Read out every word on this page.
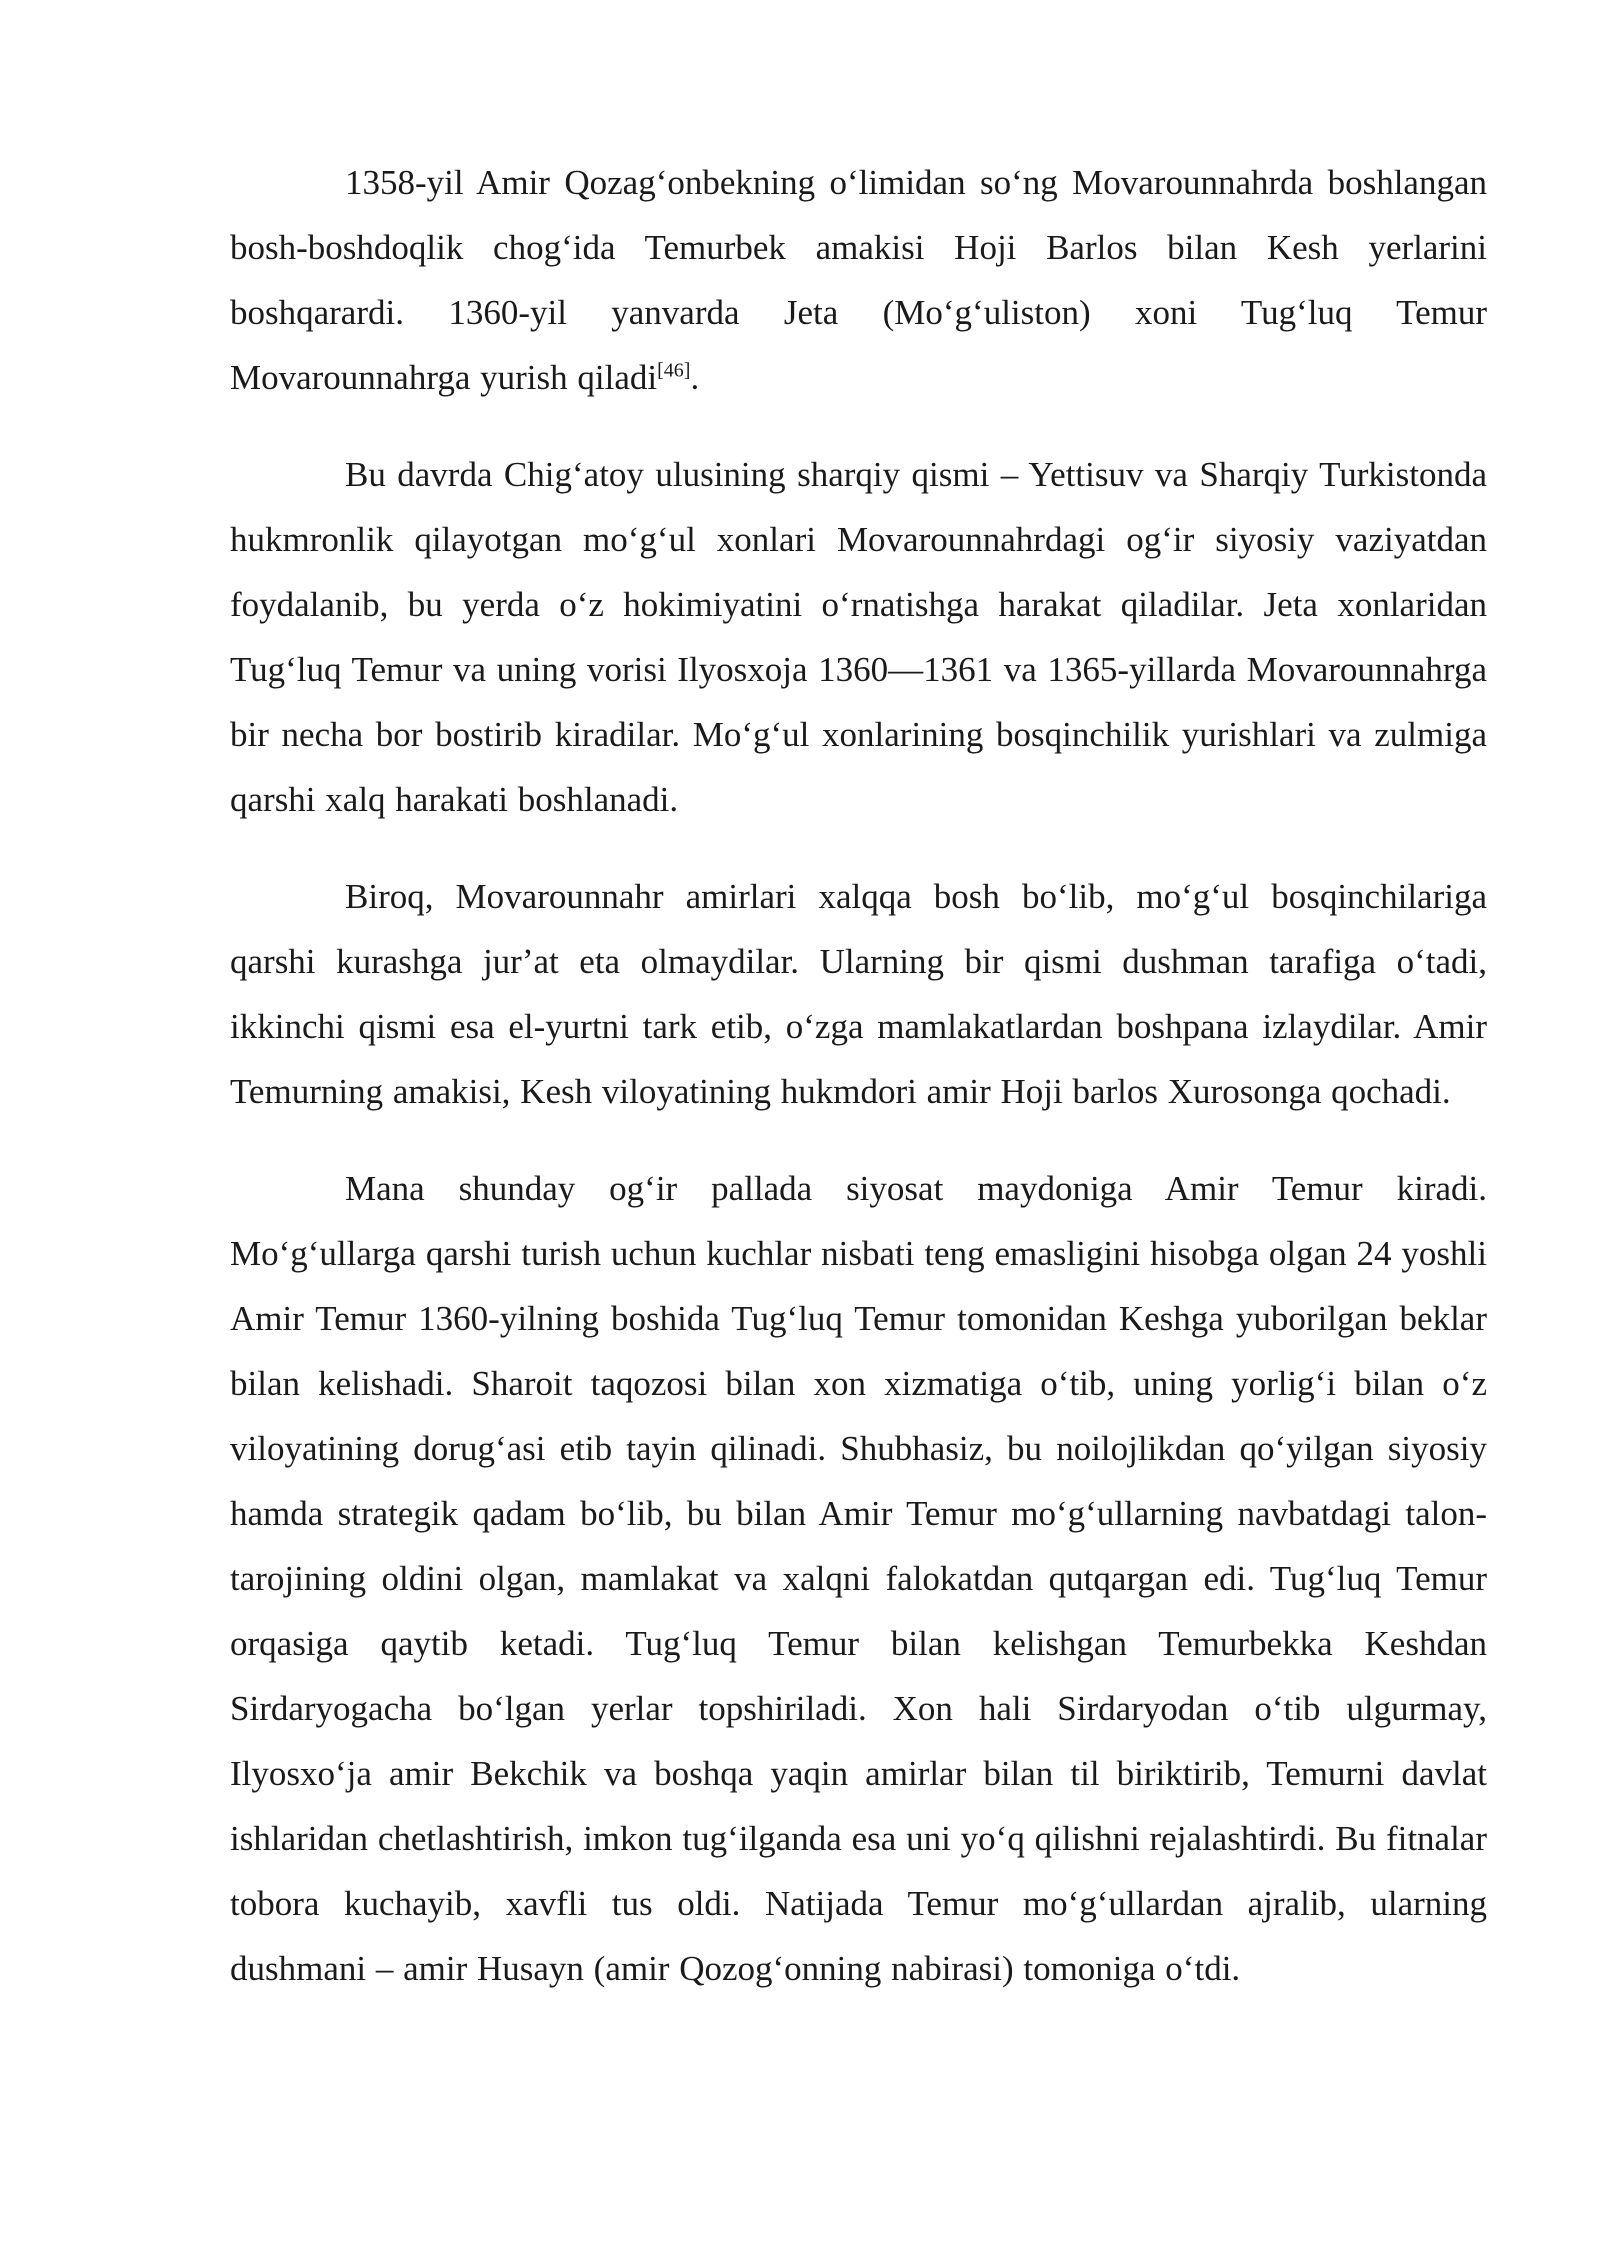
1358-yil Amir Qozagʻonbekning oʻlimidan soʻng Movarounnahrda boshlangan bosh-boshdoqlik chogʻida Temurbek amakisi Hoji Barlos bilan Kesh yerlarini boshqarardi. 1360-yil yanvarda Jeta (Moʻgʻuliston) xoni Tugʻluq Temur Movarounnahrga yurish qiladi[46].

Bu davrda Chigʻatoy ulusining sharqiy qismi – Yettisuv va Sharqiy Turkistonda hukmronlik qilayotgan moʻgʻul xonlari Movarounnahrdagi ogʻir siyosiy vaziyatdan foydalanib, bu yerda oʻz hokimiyatini oʻrnatishga harakat qiladilar. Jeta xonlaridan Tugʻluq Temur va uning vorisi Ilyosxoja 1360—1361 va 1365-yillarda Movarounnahrga bir necha bor bostirib kiradilar. Moʻgʻul xonlarining bosqinchilik yurishlari va zulmiga qarshi xalq harakati boshlanadi.

Biroq, Movarounnahr amirlari xalqqa bosh boʻlib, moʻgʻul bosqinchilariga qarshi kurashga jurʼat eta olmaydilar. Ularning bir qismi dushman tarafiga oʻtadi, ikkinchi qismi esa el-yurtni tark etib, oʻzga mamlakatlardan boshpana izlaydilar. Amir Temurning amakisi, Kesh viloyatining hukmdori amir Hoji barlos Xurosonga qochadi.

Mana shunday ogʻir pallada siyosat maydoniga Amir Temur kiradi. Moʻgʻullarga qarshi turish uchun kuchlar nisbati teng emasligini hisobga olgan 24 yoshli Amir Temur 1360-yilning boshida Tugʻluq Temur tomonidan Keshga yuborilgan beklar bilan kelishadi. Sharoit taqozosi bilan xon xizmatiga oʻtib, uning yorligʻi bilan oʻz viloyatining dorugʻasi etib tayin qilinadi. Shubhasiz, bu noilojlikdan qoʻyilgan siyosiy hamda strategik qadam boʻlib, bu bilan Amir Temur moʻgʻullarning navbatdagi talon-tarojining oldini olgan, mamlakat va xalqni falokatdan qutqargan edi. Tugʻluq Temur orqasiga qaytib ketadi. Tugʻluq Temur bilan kelishgan Temurbekka Keshdan Sirdaryogacha boʻlgan yerlar topshiriladi. Xon hali Sirdaryodan oʻtib ulgurmay, Ilyosxoʻja amir Bekchik va boshqa yaqin amirlar bilan til biriktirib, Temurni davlat ishlaridan chetlashtirish, imkon tugʻilganda esa uni yoʻq qilishni rejalashtirdi. Bu fitnalar tobora kuchayib, xavfli tus oldi. Natijada Temur moʻgʻullardan ajralib, ularning dushmani – amir Husayn (amir Qozogʻonning nabirasi) tomoniga oʻtdi.
